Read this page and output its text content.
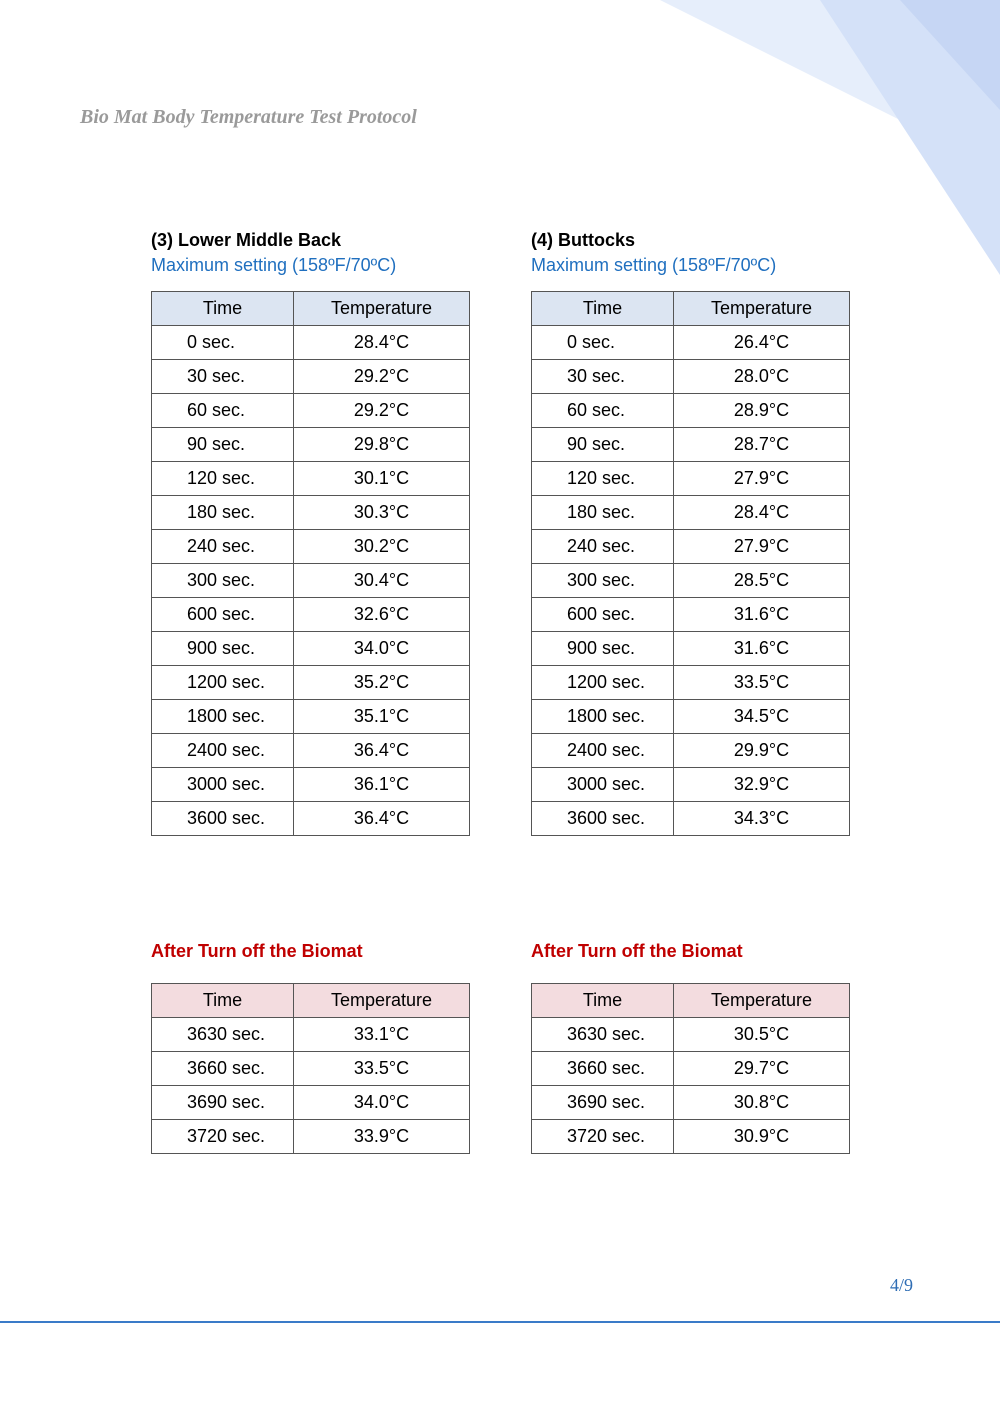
Bio Mat Body Temperature Test Protocol
(3) Lower Middle Back
Maximum setting (158ºF/70ºC)
Time	Temperature
0 sec.	28.4°C
30 sec.	29.2°C
60 sec.	29.2°C
90 sec.	29.8°C
120 sec.	30.1°C
180 sec.	30.3°C
240 sec.	30.2°C
300 sec.	30.4°C
600 sec.	32.6°C
900 sec.	34.0°C
1200 sec.	35.2°C
1800 sec.	35.1°C
2400 sec.	36.4°C
3000 sec.	36.1°C
3600 sec.	36.4°C
(4) Buttocks
Maximum setting (158ºF/70ºC)
Time	Temperature
0 sec.	26.4°C
30 sec.	28.0°C
60 sec.	28.9°C
90 sec.	28.7°C
120 sec.	27.9°C
180 sec.	28.4°C
240 sec.	27.9°C
300 sec.	28.5°C
600 sec.	31.6°C
900 sec.	31.6°C
1200 sec.	33.5°C
1800 sec.	34.5°C
2400 sec.	29.9°C
3000 sec.	32.9°C
3600 sec.	34.3°C
After Turn off the Biomat
Time	Temperature
3630 sec.	33.1°C
3660 sec.	33.5°C
3690 sec.	34.0°C
3720 sec.	33.9°C
After Turn off the Biomat
Time	Temperature
3630 sec.	30.5°C
3660 sec.	29.7°C
3690 sec.	30.8°C
3720 sec.	30.9°C
4/9
